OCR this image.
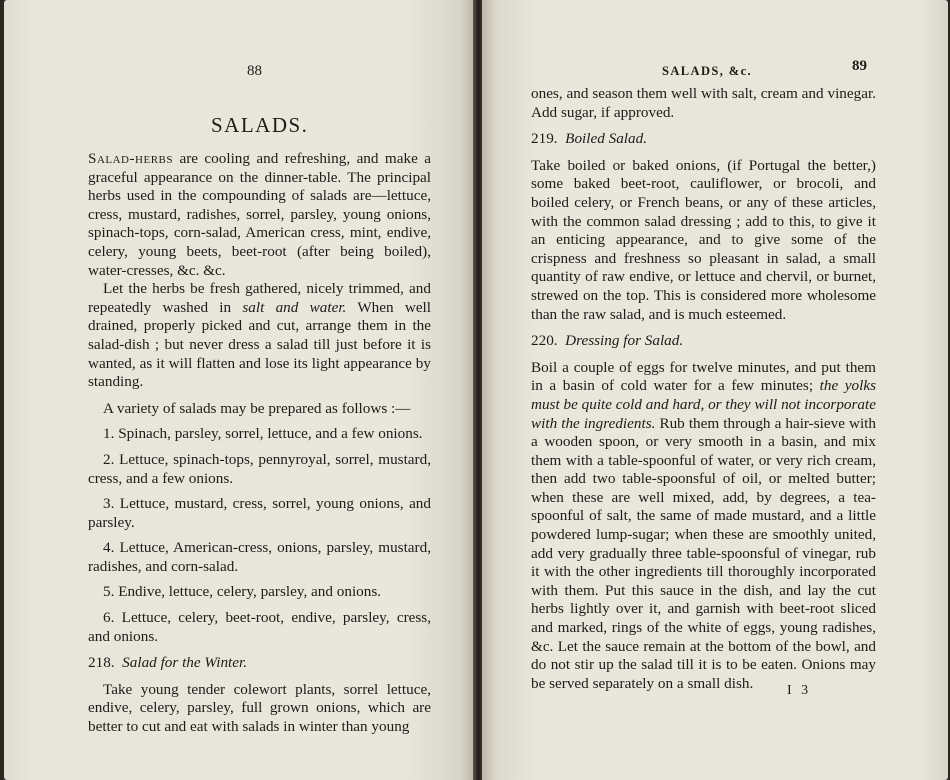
88
SALADS.

Salad-herbs are cooling and refreshing, and make a graceful appearance on the dinner-table. The principal herbs used in the compounding of salads are—lettuce, cress, mustard, radishes, sorrel, parsley, young onions, spinach-tops, corn-salad, American cress, mint, endive, celery, young beets, beet-root (after being boiled), water-cresses, &c. &c.

Let the herbs be fresh gathered, nicely trimmed, and repeatedly washed in salt and water. When well drained, properly picked and cut, arrange them in the salad-dish ; but never dress a salad till just before it is wanted, as it will flatten and lose its light appearance by standing.

A variety of salads may be prepared as follows :—

1. Spinach, parsley, sorrel, lettuce, and a few onions.

2. Lettuce, spinach-tops, pennyroyal, sorrel, mustard, cress, and a few onions.

3. Lettuce, mustard, cress, sorrel, young onions, and parsley.

4. Lettuce, American-cress, onions, parsley, mustard, radishes, and corn-salad.

5. Endive, lettuce, celery, parsley, and onions.

6. Lettuce, celery, beet-root, endive, parsley, cress, and onions.

218. Salad for the Winter.

Take young tender colewort plants, sorrel lettuce, endive, celery, parsley, full grown onions, which are better to cut and eat with salads in winter than young

SALADS, &c.	89

ones, and season them well with salt, cream and vinegar. Add sugar, if approved.

219. Boiled Salad.

Take boiled or baked onions, (if Portugal the better,) some baked beet-root, cauliflower, or brocoli, and boiled celery, or French beans, or any of these articles, with the common salad dressing ; add to this, to give it an enticing appearance, and to give some of the crispness and freshness so pleasant in salad, a small quantity of raw endive, or lettuce and chervil, or burnet, strewed on the top. This is considered more wholesome than the raw salad, and is much esteemed.

220. Dressing for Salad.

Boil a couple of eggs for twelve minutes, and put them in a basin of cold water for a few minutes; the yolks must be quite cold and hard, or they will not incorporate with the ingredients. Rub them through a hair-sieve with a wooden spoon, or very smooth in a basin, and mix them with a table-spoonful of water, or very rich cream, then add two table-spoonsful of oil, or melted butter; when these are well mixed, add, by degrees, a tea-spoonful of salt, the same of made mustard, and a little powdered lump-sugar; when these are smoothly united, add very gradually three table-spoonsful of vinegar, rub it with the other ingredients till thoroughly incorporated with them. Put this sauce in the dish, and lay the cut herbs lightly over it, and garnish with beet-root sliced and marked, rings of the white of eggs, young radishes, &c. Let the sauce remain at the bottom of the bowl, and do not stir up the salad till it is to be eaten. Onions may be served separately on a small dish.	I 3
